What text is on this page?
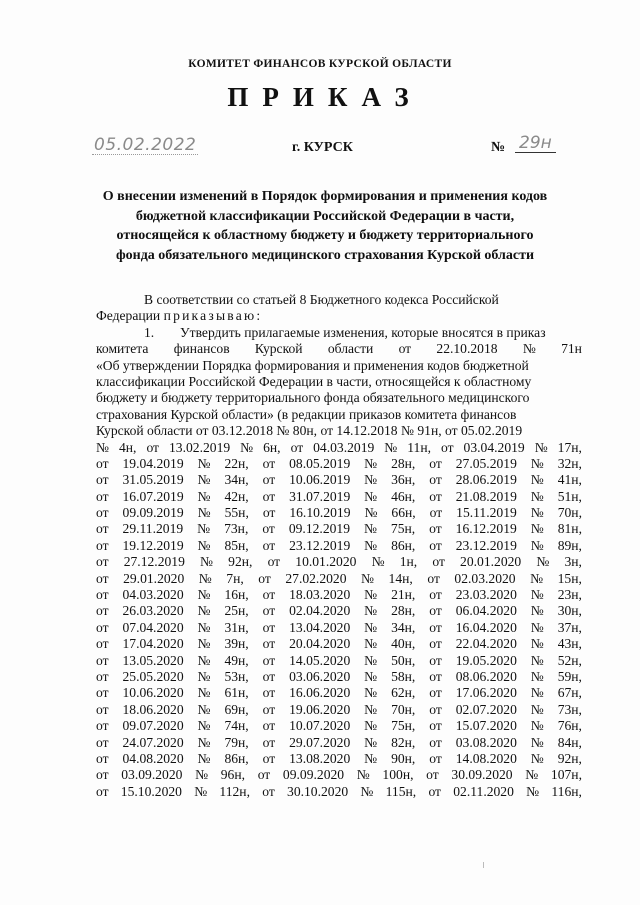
КОМИТЕТ ФИНАНСОВ КУРСКОЙ ОБЛАСТИ
ПРИКАЗ
05.02.2022	г. КУРСК	№ 29н
О внесении изменений в Порядок формирования и применения кодов
бюджетной классификации Российской Федерации в части,
относящейся к областному бюджету и бюджету территориального
фонда обязательного медицинского страхования Курской области
В соответствии со статьей 8 Бюджетного кодекса Российской
Федерации приказываю:
1.	Утвердить прилагаемые изменения, которые вносятся в приказ
комитета финансов Курской области от 22.10.2018 № 71н
«Об утверждении Порядка формирования и применения кодов бюджетной
классификации Российской Федерации в части, относящейся к областному
бюджету и бюджету территориального фонда обязательного медицинского
страхования Курской области» (в редакции приказов комитета финансов
Курской области от 03.12.2018 № 80н, от 14.12.2018 № 91н, от 05.02.2019
№ 4н, от 13.02.2019 № 6н, от 04.03.2019 № 11н, от 03.04.2019 № 17н,
от 19.04.2019 № 22н, от 08.05.2019 № 28н, от 27.05.2019 № 32н,
от 31.05.2019 № 34н, от 10.06.2019 № 36н, от 28.06.2019 № 41н,
от 16.07.2019 № 42н, от 31.07.2019 № 46н, от 21.08.2019 № 51н,
от 09.09.2019 № 55н, от 16.10.2019 № 66н, от 15.11.2019 № 70н,
от 29.11.2019 № 73н, от 09.12.2019 № 75н, от 16.12.2019 № 81н,
от 19.12.2019 № 85н, от 23.12.2019 № 86н, от 23.12.2019 № 89н,
от 27.12.2019 № 92н, от 10.01.2020 № 1н, от 20.01.2020 № 3н,
от 29.01.2020 № 7н, от 27.02.2020 № 14н, от 02.03.2020 № 15н,
от 04.03.2020 № 16н, от 18.03.2020 № 21н, от 23.03.2020 № 23н,
от 26.03.2020 № 25н, от 02.04.2020 № 28н, от 06.04.2020 № 30н,
от 07.04.2020 № 31н, от 13.04.2020 № 34н, от 16.04.2020 № 37н,
от 17.04.2020 № 39н, от 20.04.2020 № 40н, от 22.04.2020 № 43н,
от 13.05.2020 № 49н, от 14.05.2020 № 50н, от 19.05.2020 № 52н,
от 25.05.2020 № 53н, от 03.06.2020 № 58н, от 08.06.2020 № 59н,
от 10.06.2020 № 61н, от 16.06.2020 № 62н, от 17.06.2020 № 67н,
от 18.06.2020 № 69н, от 19.06.2020 № 70н, от 02.07.2020 № 73н,
от 09.07.2020 № 74н, от 10.07.2020 № 75н, от 15.07.2020 № 76н,
от 24.07.2020 № 79н, от 29.07.2020 № 82н, от 03.08.2020 № 84н,
от 04.08.2020 № 86н, от 13.08.2020 № 90н, от 14.08.2020 № 92н,
от 03.09.2020 № 96н, от 09.09.2020 № 100н, от 30.09.2020 № 107н,
от 15.10.2020 № 112н, от 30.10.2020 № 115н, от 02.11.2020 № 116н,
